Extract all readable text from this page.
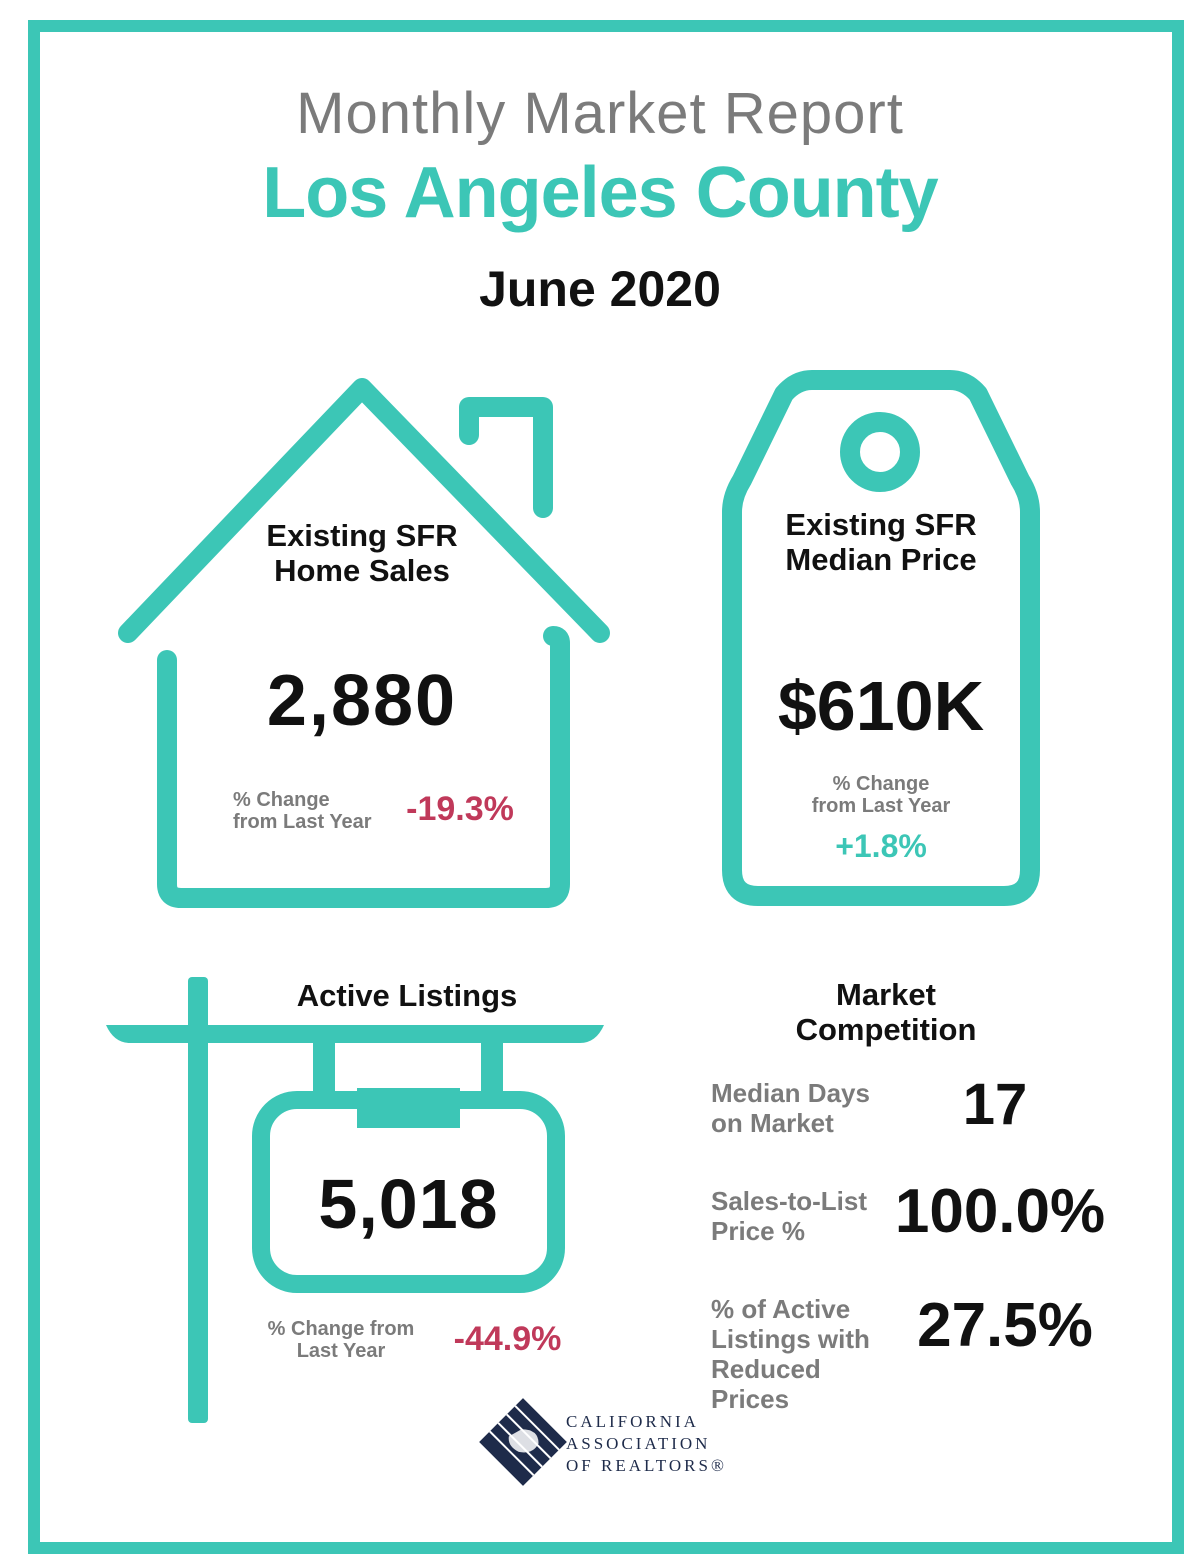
Monthly Market Report
Los Angeles County
June 2020
Existing SFR
Home Sales
2,880
% Change
from Last Year	-19.3%
Existing SFR
Median Price
$610K
% Change
from Last Year
+1.8%
Active Listings
5,018
% Change from
Last Year	-44.9%
Market
Competition
Median Days
on Market	17
Sales-to-List
Price %	100.0%
% of Active
Listings with
Reduced Prices
27.5%
CALIFORNIA
ASSOCIATION
OF REALTORS®
